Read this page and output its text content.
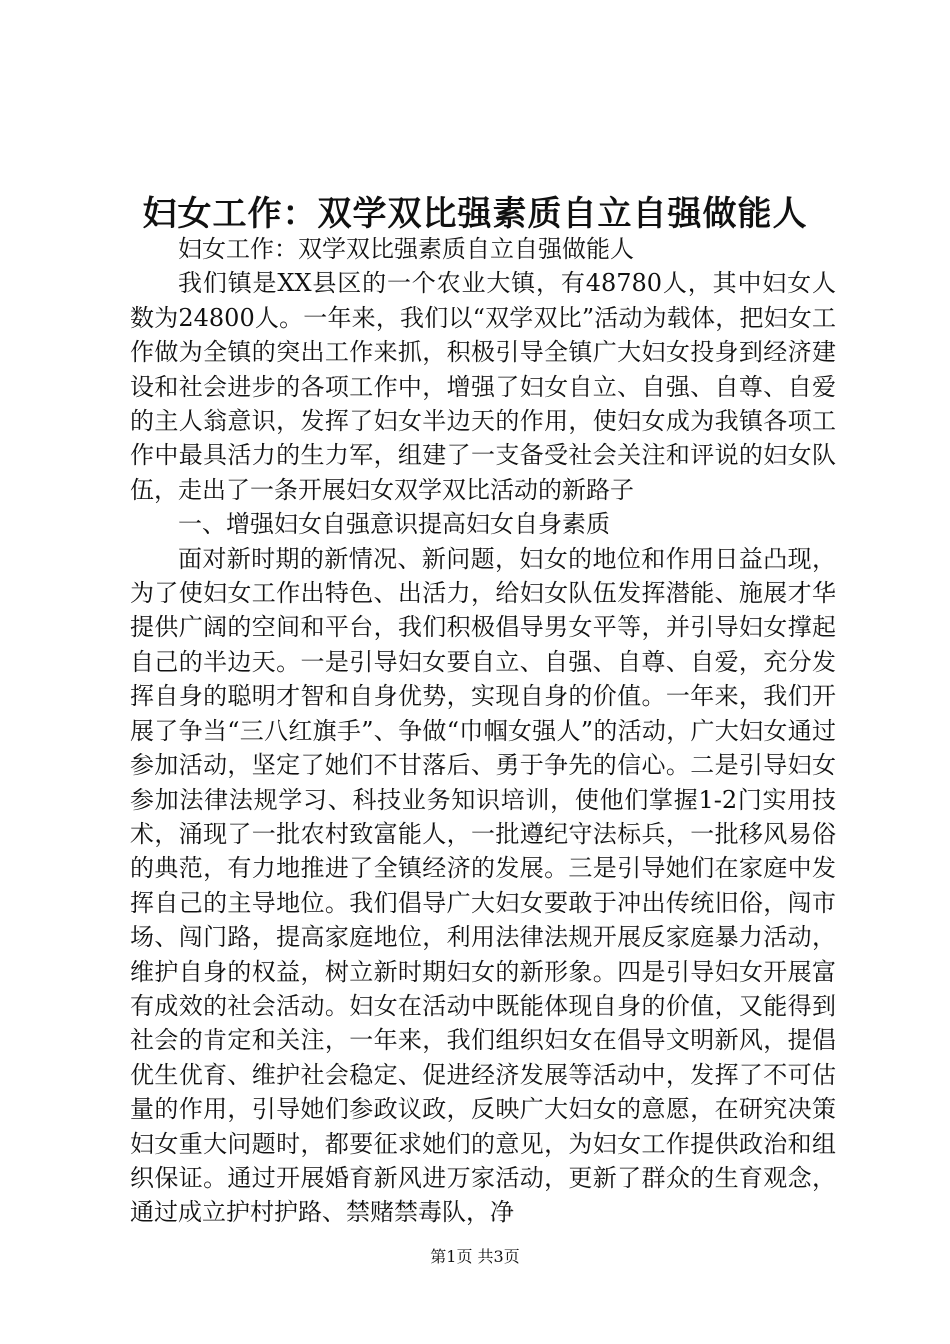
妇女工作：双学双比强素质自立自强做能人

妇女工作：双学双比强素质自立自强做能人

我们镇是XX县区的一个农业大镇，有48780人，其中妇女人数为24800人。一年来，我们以“双学双比”活动为载体，把妇女工作做为全镇的突出工作来抓，积极引导全镇广大妇女投身到经济建设和社会进步的各项工作中，增强了妇女自立、自强、自尊、自爱的主人翁意识，发挥了妇女半边天的作用，使妇女成为我镇各项工作中最具活力的生力军，组建了一支备受社会关注和评说的妇女队伍，走出了一条开展妇女双学双比活动的新路子

一、增强妇女自强意识提高妇女自身素质

面对新时期的新情况、新问题，妇女的地位和作用日益凸现，为了使妇女工作出特色、出活力，给妇女队伍发挥潜能、施展才华提供广阔的空间和平台，我们积极倡导男女平等，并引导妇女撑起自己的半边天。一是引导妇女要自立、自强、自尊、自爱，充分发挥自身的聪明才智和自身优势，实现自身的价值。一年来，我们开展了争当“三八红旗手”、争做“巾帼女强人”的活动，广大妇女通过参加活动，坚定了她们不甘落后、勇于争先的信心。二是引导妇女参加法律法规学习、科技业务知识培训，使他们掌握1-2门实用技术，涌现了一批农村致富能人，一批遵纪守法标兵，一批移风易俗的典范，有力地推进了全镇经济的发展。三是引导她们在家庭中发挥自己的主导地位。我们倡导广大妇女要敢于冲出传统旧俗，闯市场、闯门路，提高家庭地位，利用法律法规开展反家庭暴力活动，维护自身的权益，树立新时期妇女的新形象。四是引导妇女开展富有成效的社会活动。妇女在活动中既能体现自身的价值，又能得到社会的肯定和关注，一年来，我们组织妇女在倡导文明新风，提倡优生优育、维护社会稳定、促进经济发展等活动中，发挥了不可估量的作用，引导她们参政议政，反映广大妇女的意愿，在研究决策妇女重大问题时，都要征求她们的意见，为妇女工作提供政治和组织保证。通过开展婚育新风进万家活动，更新了群众的生育观念，通过成立护村护路、禁赌禁毒队，净

第1页 共3页
